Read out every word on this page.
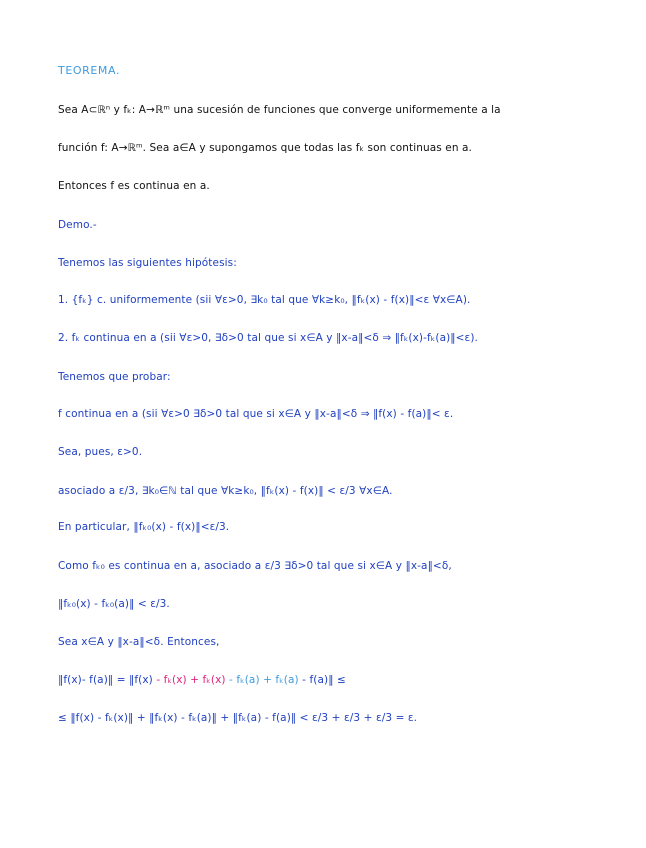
TEOREMA.
Sea A⊂ℝⁿ y fₖ: A→ℝᵐ una sucesión de funciones que converge uniformemente a la
función f: A→ℝᵐ. Sea a∈A y supongamos que todas las fₖ son continuas en a.
Entonces f es continua en a.
Demo.-
Tenemos las siguientes hipótesis:
1. {fₖ} c. uniformemente (sii ∀ε>0, ∃k₀ tal que ∀k≥k₀, ‖fₖ(x) - f(x)‖<ε ∀x∈A).
2. fₖ continua en a (sii ∀ε>0, ∃δ>0 tal que si x∈A y ‖x-a‖<δ ⇒ ‖fₖ(x)-fₖ(a)‖<ε).
Tenemos que probar:
f continua en a (sii ∀ε>0 ∃δ>0 tal que si x∈A y ‖x-a‖<δ ⇒ ‖f(x) - f(a)‖< ε.
Sea, pues, ε>0.
asociado a ε/3, ∃k₀∈ℕ tal que ∀k≥k₀, ‖fₖ(x) - f(x)‖ < ε/3 ∀x∈A.
En particular, ‖fₖ₀(x) - f(x)‖<ε/3.
Como fₖ₀ es continua en a, asociado a ε/3 ∃δ>0 tal que si x∈A y ‖x-a‖<δ,
‖fₖ₀(x) - fₖ₀(a)‖ < ε/3.
Sea x∈A y ‖x-a‖<δ. Entonces,
‖f(x)- f(a)‖ = ‖f(x) - fₖ(x) + fₖ(x) - fₖ(a) + fₖ(a) - f(a)‖ ≤
≤ ‖f(x) - fₖ(x)‖ + ‖fₖ(x) - fₖ(a)‖ + ‖fₖ(a) - f(a)‖ < ε/3 + ε/3 + ε/3 = ε.
